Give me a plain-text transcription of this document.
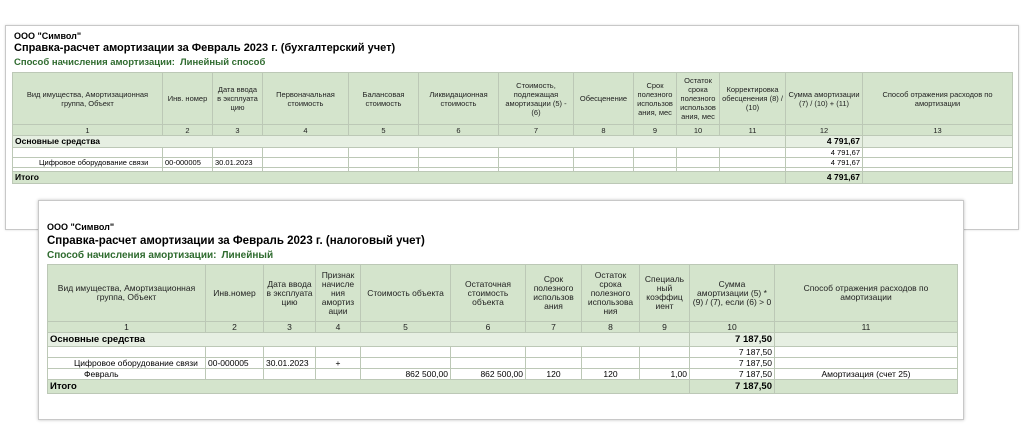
ООО "Символ"
Справка-расчет амортизации за Февраль 2023 г. (бухгалтерский учет)
Способ начисления амортизации: Линейный способ
Вид имущества, Амортизационная группа, Объект	Инв. номер	Дата ввода в эксплуата цию	Первоначальная стоимость	Балансовая стоимость	Ликвидационная стоимость	Стоимость, подлежащая амортизации (5) - (6)	Обесценение	Срок полезного использов ания, мес	Остаток срока полезного использов ания, мес	Корректировка обесценения (8) / (10)	Сумма амортизации (7) / (10) + (11)	Способ отражения расходов по амортизации
1	2	3	4	5	6	7	8	9	10	11	12	13
Основные средства											4 791,67	
											4 791,67	
Цифровое оборудование связи	00-000005	30.01.2023									4 791,67	

Итого											4 791,67	
ООО "Символ"
Справка-расчет амортизации за Февраль 2023 г. (налоговый учет)
Способ начисления амортизации: Линейный
Вид имущества, Амортизационная группа, Объект	Инв.номер	Дата ввода в эксплуата цию	Признак начисле ния амортиз ации	Стоимость объекта	Остаточная стоимость объекта	Срок полезного использов ания	Остаток срока полезного использова ния	Специаль ный коэффиц иент	Сумма амортизации (5) * (9) / (7), если (6) > 0	Способ отражения расходов по амортизации
1	2	3	4	5	6	7	8	9	10	11
Основные средства									7 187,50	
									7 187,50	
Цифровое оборудование связи	00-000005	30.01.2023	+						7 187,50	
Февраль				862 500,00	862 500,00	120	120	1,00	7 187,50	Амортизация (счет 25)
Итого									7 187,50	
